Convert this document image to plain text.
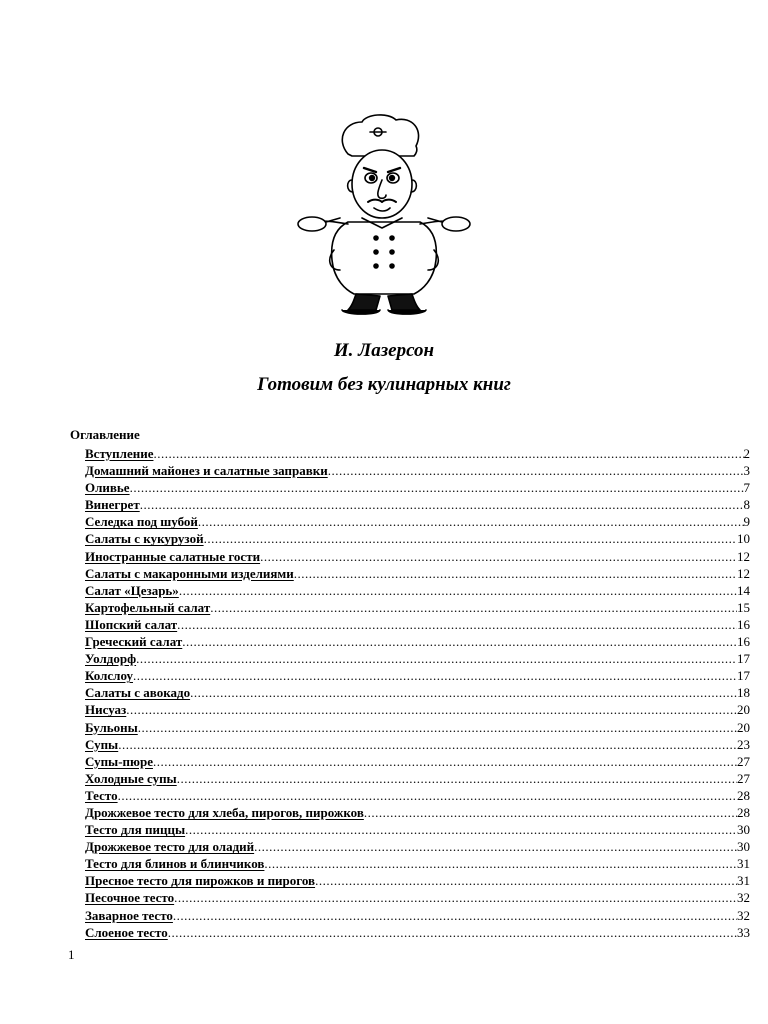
И. Лазерсон
Готовим без кулинарных книг
Оглавление
Вступление .....	2
Домашний майонез и салатные заправки .....	3
Оливье .....	7
Винегрет .....	8
Селедка под шубой .....	9
Салаты с кукурузой .....	10
Иностранные салатные гости .....	12
Салаты с макаронными изделиями .....	12
Салат «Цезарь» .....	14
Картофельный салат .....	15
Шопский салат .....	16
Греческий салат .....	16
Уолдорф .....	17
Колслоу .....	17
Салаты с авокадо .....	18
Нисуаз .....	20
Бульоны .....	20
Супы .....	23
Супы-пюре .....	27
Холодные супы .....	27
Тесто .....	28
Дрожжевое тесто для хлеба, пирогов, пирожков .....	28
Тесто для пиццы .....	30
Дрожжевое тесто для оладий .....	30
Тесто для блинов и блинчиков .....	31
Пресное тесто для пирожков и пирогов .....	31
Песочное тесто .....	32
Заварное тесто .....	32
Слоеное тесто .....	33
1
